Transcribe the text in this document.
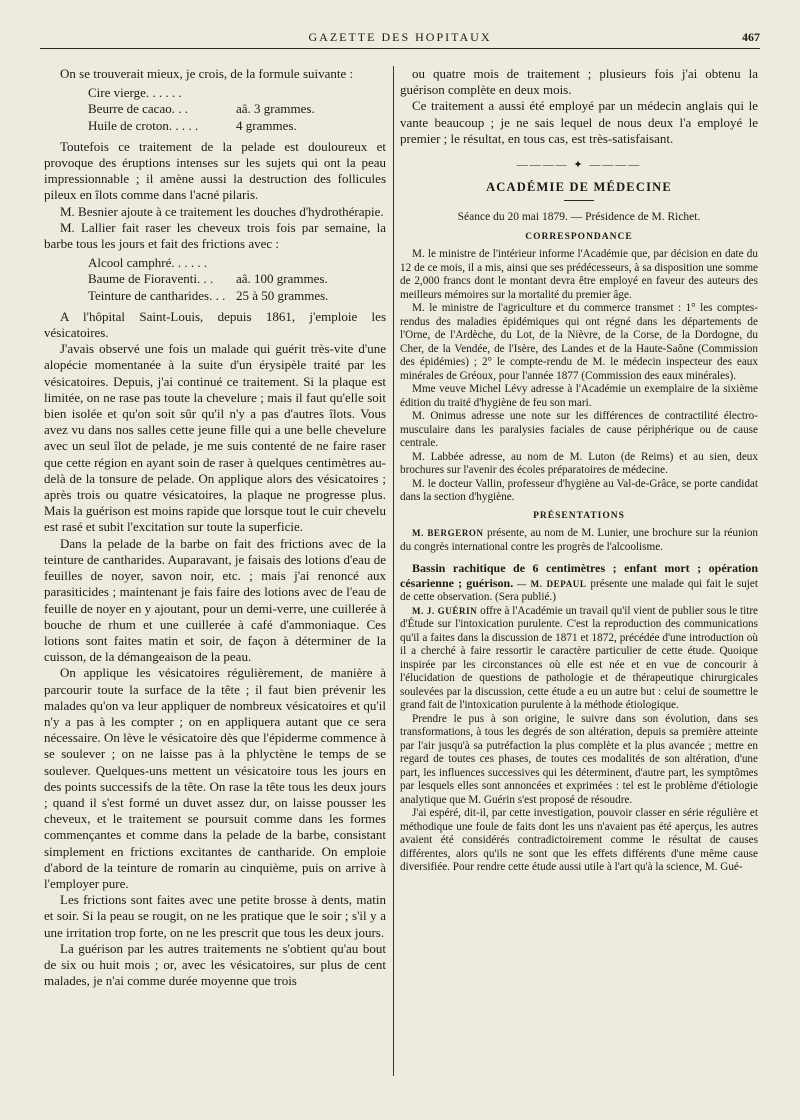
GAZETTE DES HOPITAUX	467

On se trouverait mieux, je crois, de la formule suivante :

Cire vierge. . . . . .
Beurre de cacao. . .	aâ. 3 grammes.
Huile de croton. . . . .	4 grammes.

Toutefois ce traitement de la pelade est douloureux et provoque des éruptions intenses sur les sujets qui ont la peau impressionnable ; il amène aussi la destruction des follicules pileux en îlots comme dans l'acné pilaris.

M. Besnier ajoute à ce traitement les douches d'hydrothérapie.

M. Lallier fait raser les cheveux trois fois par semaine, la barbe tous les jours et fait des frictions avec :

Alcool camphré. . . . . .
Baume de Fioraventi. . .	aâ. 100 grammes.
Teinture de cantharides. . . 25 à 50 grammes.

A l'hôpital Saint-Louis, depuis 1861, j'emploie les vésicatoires.

J'avais observé une fois un malade qui guérit très-vite d'une alopécie momentanée à la suite d'un érysipèle traité par les vésicatoires. Depuis, j'ai continué ce traitement. Si la plaque est limitée, on ne rase pas toute la chevelure ; mais il faut qu'elle soit bien isolée et qu'on soit sûr qu'il n'y a pas d'autres îlots. Vous avez vu dans nos salles cette jeune fille qui a une belle chevelure avec un seul îlot de pelade, je me suis contenté de ne faire raser que cette région en ayant soin de raser à quelques centimètres au-delà de la tonsure de pelade. On applique alors des vésicatoires ; après trois ou quatre vésicatoires, la plaque ne progresse plus. Mais la guérison est moins rapide que lorsque tout le cuir chevelu est rasé et subit l'excitation sur toute la superficie.

Dans la pelade de la barbe on fait des frictions avec de la teinture de cantharides. Auparavant, je faisais des lotions d'eau de feuilles de noyer, savon noir, etc. ; mais j'ai renoncé aux parasiticides ; maintenant je fais faire des lotions avec de l'eau de feuille de noyer en y ajoutant, pour un demi-verre, une cuillerée à bouche de rhum et une cuillerée à café d'ammoniaque. Ces lotions sont faites matin et soir, de façon à déterminer de la cuisson, de la démangeaison de la peau.

On applique les vésicatoires régulièrement, de manière à parcourir toute la surface de la tête ; il faut bien prévenir les malades qu'on va leur appliquer de nombreux vésicatoires et qu'il n'y a pas à les compter ; on en appliquera autant que ce sera nécessaire. On lève le vésicatoire dès que l'épiderme commence à se soulever ; on ne laisse pas à la phlyctène le temps de se soulever. Quelques-uns mettent un vésicatoire tous les jours en des points successifs de la tête. On rase la tête tous les deux jours ; quand il s'est formé un duvet assez dur, on laisse pousser les cheveux, et le traitement se poursuit comme dans les formes commençantes et comme dans la pelade de la barbe, consistant simplement en frictions excitantes de cantharide. On emploie d'abord de la teinture de romarin au cinquième, puis on arrive à l'employer pure.

Les frictions sont faites avec une petite brosse à dents, matin et soir. Si la peau se rougit, on ne les pratique que le soir ; s'il y a une irritation trop forte, on ne les prescrit que tous les deux jours.

La guérison par les autres traitements ne s'obtient qu'au bout de six ou huit mois ; or, avec les vésicatoires, sur plus de cent malades, je n'ai comme durée moyenne que trois

ou quatre mois de traitement ; plusieurs fois j'ai obtenu la guérison complète en deux mois.

Ce traitement a aussi été employé par un médecin anglais qui le vante beaucoup ; je ne sais lequel de nous deux l'a employé le premier ; le résultat, en tous cas, est très-satisfaisant.

———— ✦ ————
ACADÉMIE DE MÉDECINE
Séance du 20 mai 1879. — Présidence de M. Richet.
CORRESPONDANCE

M. le ministre de l'intérieur informe l'Académie que, par décision en date du 12 de ce mois, il a mis, ainsi que ses prédécesseurs, à sa disposition une somme de 2,000 francs dont le montant devra être employé en faveur des auteurs des meilleurs mémoires sur la mortalité du premier âge.

M. le ministre de l'agriculture et du commerce transmet : 1° les comptes-rendus des maladies épidémiques qui ont régné dans les départements de l'Orne, de l'Ardèche, du Lot, de la Nièvre, de la Corse, de la Dordogne, du Cher, de la Vendée, de l'Isère, des Landes et de la Haute-Saône (Commission des épidémies) ; 2° le compte-rendu de M. le médecin inspecteur des eaux minérales de Gréoux, pour l'année 1877 (Commission des eaux minérales).

Mme veuve Michel Lévy adresse à l'Académie un exemplaire de la sixième édition du traité d'hygiène de feu son mari.

M. Onimus adresse une note sur les différences de contractilité électro-musculaire dans les paralysies faciales de cause périphérique ou de cause centrale.

M. Labbée adresse, au nom de M. Luton (de Reims) et au sien, deux brochures sur l'avenir des écoles préparatoires de médecine.

M. le docteur Vallin, professeur d'hygiène au Val-de-Grâce, se porte candidat dans la section d'hygiène.

PRÉSENTATIONS

M. BERGERON présente, au nom de M. Lunier, une brochure sur la réunion du congrès international contre les progrès de l'alcoolisme.

Bassin rachitique de 6 centimètres ; enfant mort ; opération césarienne ; guérison. — M. DEPAUL présente une malade qui fait le sujet de cette observation. (Sera publié.)

M. J. GUÉRIN offre à l'Académie un travail qu'il vient de publier sous le titre d'Étude sur l'intoxication purulente. C'est la reproduction des communications qu'il a faites dans la discussion de 1871 et 1872, précédée d'une introduction où il a cherché à faire ressortir le caractère particulier de cette étude. Quoique inspirée par les circonstances où elle est née et en vue de concourir à l'élucidation de questions de pathologie et de thérapeutique chirurgicales soulevées par la discussion, cette étude a eu un autre but : celui de soumettre le grand fait de l'intoxication purulente à la méthode étiologique.

Prendre le pus à son origine, le suivre dans son évolution, dans ses transformations, à tous les degrés de son altération, depuis sa première atteinte par l'air jusqu'à sa putréfaction la plus complète et la plus avancée ; mettre en regard de toutes ces phases, de toutes ces modalités de son altération, d'une part, les influences successives qui les déterminent, d'autre part, les symptômes par lesquels elles sont annoncées et exprimées : tel est le problème d'étiologie analytique que M. Guérin s'est proposé de résoudre.

J'ai espéré, dit-il, par cette investigation, pouvoir classer en série régulière et méthodique une foule de faits dont les uns n'avaient pas été aperçus, les autres avaient été considérés contradictoirement comme le résultat de causes différentes, alors qu'ils ne sont que les effets différents d'une même cause diversifiée. Pour rendre cette étude aussi utile à l'art qu'à la science, M. Gué-
